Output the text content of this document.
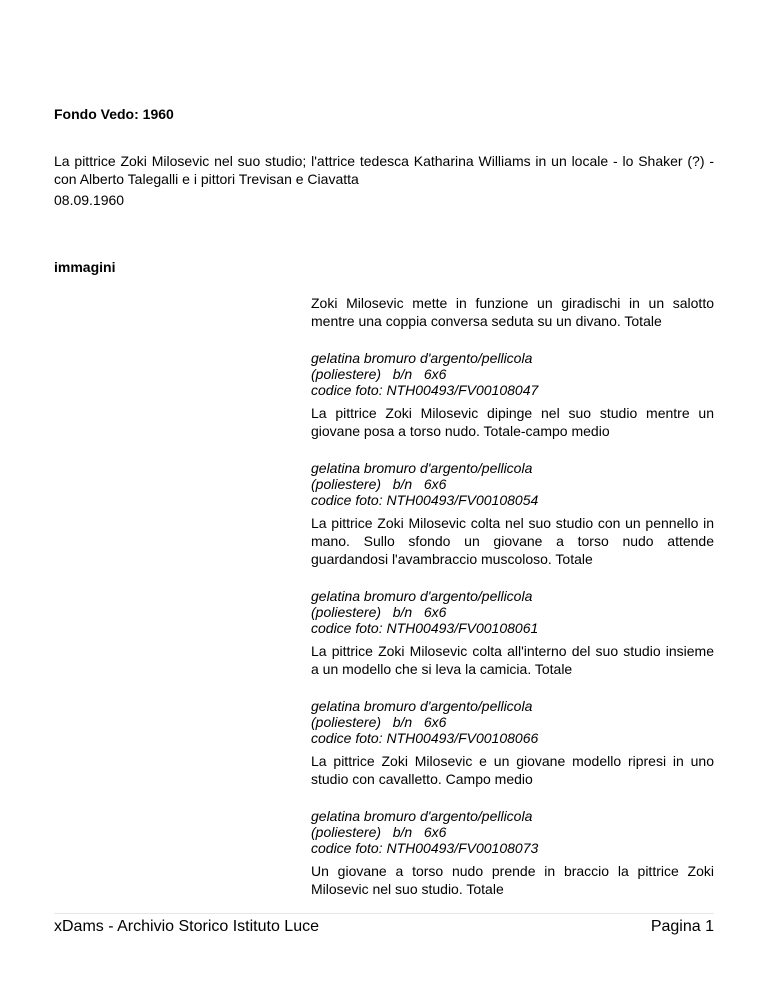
Fondo Vedo: 1960

La pittrice Zoki Milosevic nel suo studio; l'attrice tedesca Katharina Williams in un locale - lo Shaker (?) - con Alberto Talegalli e i pittori Trevisan e Ciavatta

08.09.1960

immagini

Zoki Milosevic mette in funzione un giradischi in un salotto mentre una coppia conversa seduta su un divano. Totale

gelatina bromuro d'argento/pellicola
(poliestere)   b/n   6x6
codice foto: NTH00493/FV00108047

La pittrice Zoki Milosevic dipinge nel suo studio mentre un giovane posa a torso nudo. Totale-campo medio

gelatina bromuro d'argento/pellicola
(poliestere)   b/n   6x6
codice foto: NTH00493/FV00108054

La pittrice Zoki Milosevic colta nel suo studio con un pennello in mano. Sullo sfondo un giovane a torso nudo attende guardandosi l'avambraccio muscoloso. Totale

gelatina bromuro d'argento/pellicola
(poliestere)   b/n   6x6
codice foto: NTH00493/FV00108061

La pittrice Zoki Milosevic colta all'interno del suo studio insieme a un modello che si leva la camicia. Totale

gelatina bromuro d'argento/pellicola
(poliestere)   b/n   6x6
codice foto: NTH00493/FV00108066

La pittrice Zoki Milosevic e un giovane modello ripresi in uno studio con cavalletto. Campo medio

gelatina bromuro d'argento/pellicola
(poliestere)   b/n   6x6
codice foto: NTH00493/FV00108073

Un giovane a torso nudo prende in braccio la pittrice Zoki Milosevic nel suo studio. Totale

xDams - Archivio Storico Istituto Luce	Pagina 1
